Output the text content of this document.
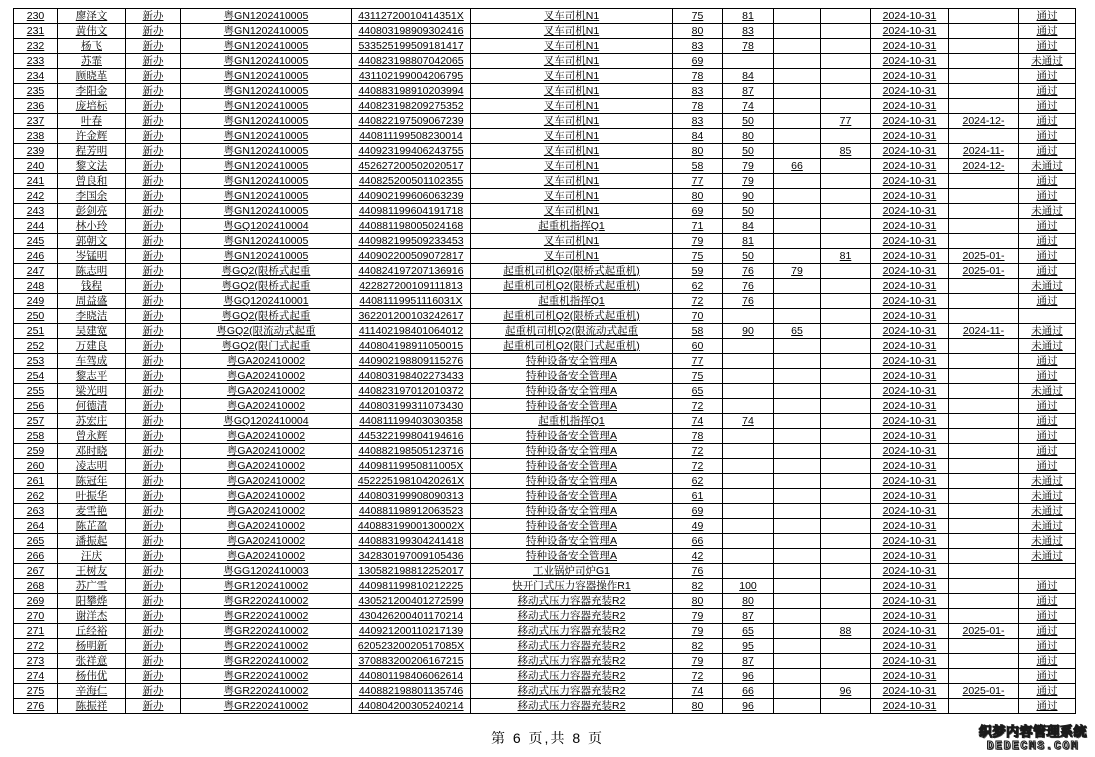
230	廖泽文	新办	粤GN1202410005	43112720010414351X	叉车司机N1	75	81			2024-10-31		通过
231	黄伟文	新办	粤GN1202410005	440803198909302416	叉车司机N1	80	83			2024-10-31		通过
232	杨飞	新办	粤GN1202410005	533525199509181417	叉车司机N1	83	78			2024-10-31		通过
233	苏霏	新办	粤GN1202410005	440823198807042065	叉车司机N1	69				2024-10-31		未通过
234	顾晓革	新办	粤GN1202410005	431102199004206795	叉车司机N1	78	84			2024-10-31		通过
235	李阳金	新办	粤GN1202410005	440883198910203994	叉车司机N1	83	87			2024-10-31		通过
236	庞培标	新办	粤GN1202410005	440823198209275352	叉车司机N1	78	74			2024-10-31		通过
237	叶春	新办	粤GN1202410005	440822197509067239	叉车司机N1	83	50		77	2024-10-31	2024-12-	通过
238	许金辉	新办	粤GN1202410005	440811199508230014	叉车司机N1	84	80			2024-10-31		通过
239	程芳明	新办	粤GN1202410005	440923199406243755	叉车司机N1	80	50		85	2024-10-31	2024-11-	通过
240	黎文法	新办	粤GN1202410005	452627200502020517	叉车司机N1	58	79	66		2024-10-31	2024-12-	未通过
241	曾良和	新办	粤GN1202410005	440825200501102355	叉车司机N1	77	79			2024-10-31		通过
242	李国余	新办	粤GN1202410005	440902199606063239	叉车司机N1	80	90			2024-10-31		通过
243	彭剑亮	新办	粤GN1202410005	440981199604191718	叉车司机N1	69	50			2024-10-31		未通过
244	林小玲	新办	粤GQ1202410004	440881198005024168	起重机指挥Q1	71	84			2024-10-31		通过
245	郭朝文	新办	粤GN1202410005	440982199509233453	叉车司机N1	79	81			2024-10-31		通过
246	岑锰明	新办	粤GN1202410005	440902200509072817	叉车司机N1	75	50		81	2024-10-31	2025-01-	通过
247	陈志明	新办	粤GQ2(限桥式起重	440824197207136916	起重机司机Q2(限桥式起重机)	59	76	79		2024-10-31	2025-01-	通过
248	钱程	新办	粤GQ2(限桥式起重	422827200109111813	起重机司机Q2(限桥式起重机)	62	76			2024-10-31		未通过
249	周益盛	新办	粤GQ1202410001	44081119951116031X	起重机指挥Q1	72	76			2024-10-31		通过
250	李晓洁	新办	粤GQ2(限桥式起重	362201200103242617	起重机司机Q2(限桥式起重机)	70				2024-10-31		
251	吴建宽	新办	粤GQ2(限流动式起重	411402198401064012	起重机司机Q2(限流动式起重	58	90	65		2024-10-31	2024-11-	未通过
252	万建良	新办	粤GQ2(限门式起重	440804198911050015	起重机司机Q2(限门式起重机)	60				2024-10-31		未通过
253	车驾成	新办	粤GA202410002	440902198809115276	特种设备安全管理A	77				2024-10-31		通过
254	黎志平	新办	粤GA202410002	440803198402273433	特种设备安全管理A	75				2024-10-31		通过
255	梁光明	新办	粤GA202410002	440823197012010372	特种设备安全管理A	65				2024-10-31		未通过
256	何德清	新办	粤GA202410002	440803199311073430	特种设备安全管理A	72				2024-10-31		通过
257	苏宏庄	新办	粤GQ1202410004	440811199403030358	起重机指挥Q1	74	74			2024-10-31		通过
258	曾永辉	新办	粤GA202410002	445322199804194616	特种设备安全管理A	78				2024-10-31		通过
259	邓时晓	新办	粤GA202410002	440882198505123716	特种设备安全管理A	72				2024-10-31		通过
260	凌志明	新办	粤GA202410002	44098119950811005X	特种设备安全管理A	72				2024-10-31		通过
261	陈冠年	新办	粤GA202410002	45222519810420261X	特种设备安全管理A	62				2024-10-31		未通过
262	叶振华	新办	粤GA202410002	440803199908090313	特种设备安全管理A	61				2024-10-31		未通过
263	麦雪艳	新办	粤GA202410002	440881198912063523	特种设备安全管理A	69				2024-10-31		未通过
264	陈芷盈	新办	粤GA202410002	44088319900130002X	特种设备安全管理A	49				2024-10-31		未通过
265	潘振起	新办	粤GA202410002	440883199304241418	特种设备安全管理A	66				2024-10-31		未通过
266	汪庆	新办	粤GA202410002	342830197009105436	特种设备安全管理A	42				2024-10-31		未通过
267	王树友	新办	粤GG1202410003	130582198812252017	工业锅炉司炉G1	76				2024-10-31		
268	苏广雪	新办	粤GR1202410002	440981199810212225	快开门式压力容器操作R1	82	100			2024-10-31		通过
269	阳攀烨	新办	粤GR2202410002	430521200401272599	移动式压力容器充装R2	80	80			2024-10-31		通过
270	谢洋杰	新办	粤GR2202410002	430426200401170214	移动式压力容器充装R2	79	87			2024-10-31		通过
271	丘经裕	新办	粤GR2202410002	440921200110217139	移动式压力容器充装R2	79	65		88	2024-10-31	2025-01-	通过
272	杨明新	新办	粤GR2202410002	62052320020517085X	移动式压力容器充装R2	82	95			2024-10-31		通过
273	张祥意	新办	粤GR2202410002	370883200206167215	移动式压力容器充装R2	79	87			2024-10-31		通过
274	杨伟优	新办	粤GR2202410002	440801198406062614	移动式压力容器充装R2	72	96			2024-10-31		通过
275	辛海仁	新办	粤GR2202410002	440882198801135746	移动式压力容器充装R2	74	66		96	2024-10-31	2025-01-	通过
276	陈振祥	新办	粤GR2202410002	440804200305240214	移动式压力容器充装R2	80	96			2024-10-31		通过
第 6 页,共 8 页	织梦内容管理系统
DEDECMS.COM
